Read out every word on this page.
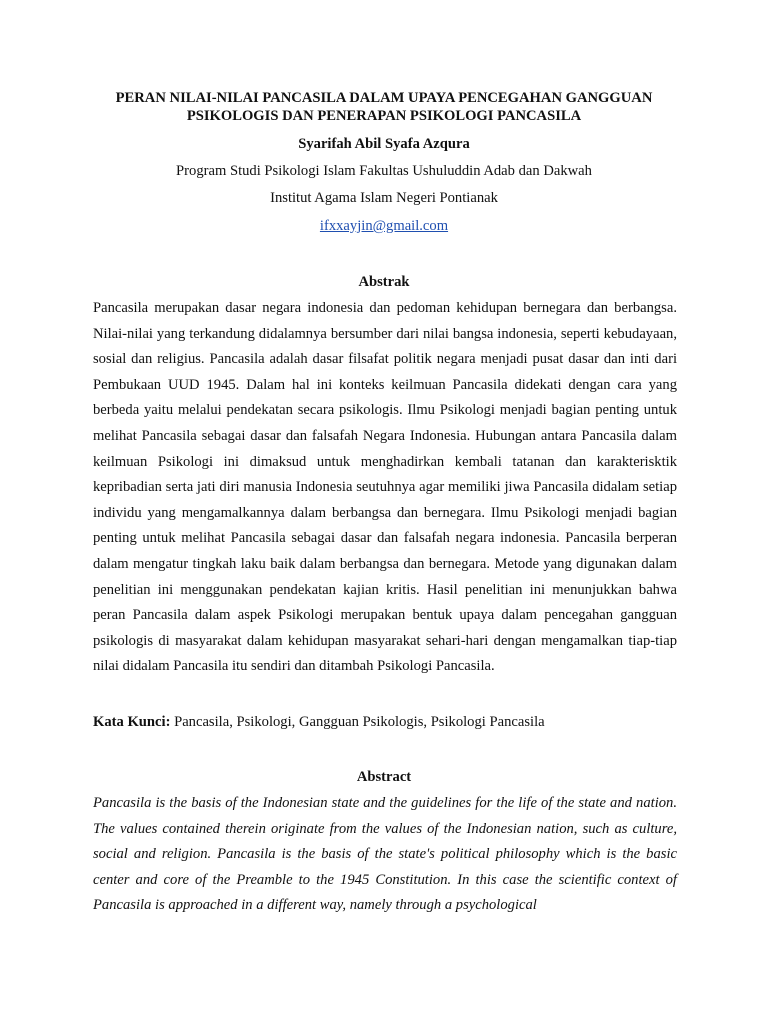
PERAN NILAI-NILAI PANCASILA DALAM UPAYA PENCEGAHAN GANGGUAN PSIKOLOGIS DAN PENERAPAN PSIKOLOGI PANCASILA
Syarifah Abil Syafa Azqura
Program Studi Psikologi Islam Fakultas Ushuluddin Adab dan Dakwah
Institut Agama Islam Negeri Pontianak
ifxxayjin@gmail.com
Abstrak

Pancasila merupakan dasar negara indonesia dan pedoman kehidupan bernegara dan berbangsa. Nilai-nilai yang terkandung didalamnya bersumber dari nilai bangsa indonesia, seperti kebudayaan, sosial dan religius. Pancasila adalah dasar filsafat politik negara menjadi pusat dasar dan inti dari Pembukaan UUD 1945. Dalam hal ini konteks keilmuan Pancasila didekati dengan cara yang berbeda yaitu melalui pendekatan secara psikologis. Ilmu Psikologi menjadi bagian penting untuk melihat Pancasila sebagai dasar dan falsafah Negara Indonesia. Hubungan antara Pancasila dalam keilmuan Psikologi ini dimaksud untuk menghadirkan kembali tatanan dan karakterisktik kepribadian serta jati diri manusia Indonesia seutuhnya agar memiliki jiwa Pancasila didalam setiap individu yang mengamalkannya dalam berbangsa dan bernegara. Ilmu Psikologi menjadi bagian penting untuk melihat Pancasila sebagai dasar dan falsafah negara indonesia. Pancasila berperan dalam mengatur tingkah laku baik dalam berbangsa dan bernegara. Metode yang digunakan dalam penelitian ini menggunakan pendekatan kajian kritis. Hasil penelitian ini menunjukkan bahwa peran Pancasila dalam aspek Psikologi merupakan bentuk upaya dalam pencegahan gangguan psikologis di masyarakat dalam kehidupan masyarakat sehari-hari dengan mengamalkan tiap-tiap nilai didalam Pancasila itu sendiri dan ditambah Psikologi Pancasila.

Kata Kunci: Pancasila, Psikologi, Gangguan Psikologis, Psikologi Pancasila
Abstract

Pancasila is the basis of the Indonesian state and the guidelines for the life of the state and nation. The values contained therein originate from the values of the Indonesian nation, such as culture, social and religion. Pancasila is the basis of the state's political philosophy which is the basic center and core of the Preamble to the 1945 Constitution. In this case the scientific context of Pancasila is approached in a different way, namely through a psychological
